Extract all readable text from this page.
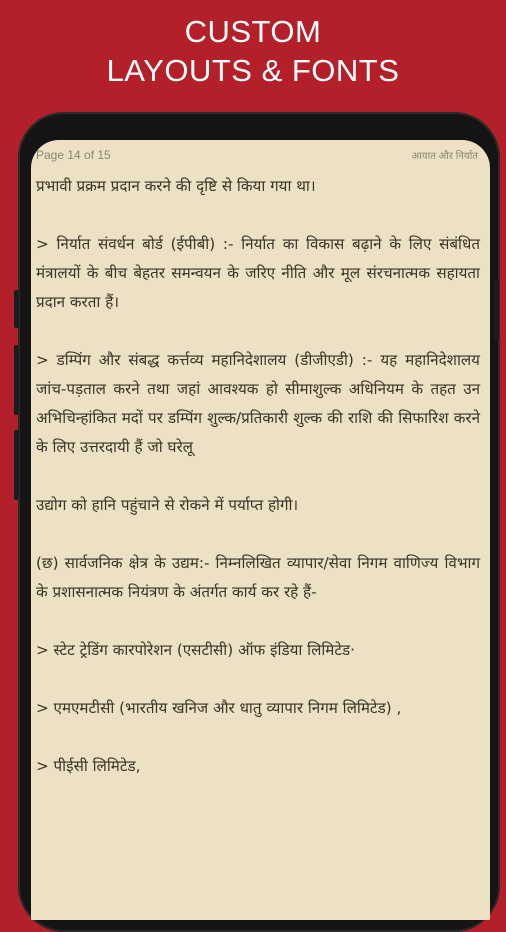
CUSTOM
LAYOUTS & FONTS
Page 14 of 15	आयात और निर्यात

प्रभावी प्रक्रम प्रदान करने की दृष्टि से किया गया था।

> निर्यात संवर्धन बोर्ड (ईपीबी) :- निर्यात का विकास बढ़ाने के लिए संबंधित मंत्रालयों के बीच बेहतर समन्वयन के जरिए नीति और मूल संरचनात्मक सहायता प्रदान करता हैं।

> डम्पिंग और संबद्ध कर्त्तव्य महानिदेशालय (डीजीएडी) :- यह महानिदेशालय जांच-पड़ताल करने तथा जहां आवश्यक हो सीमाशुल्क अधिनियम के तहत उन अभिचिन्हांकित मदों पर डम्पिंग शुल्क/प्रतिकारी शुल्क की राशि की सिफारिश करने के लिए उत्तरदायी हैं जो घरेलू

उद्योग को हानि पहुंचाने से रोकने में पर्याप्त होगी।

(छ) सार्वजनिक क्षेत्र के उद्यम:- निम्नलिखित व्यापार/सेवा निगम वाणिज्य विभाग के प्रशासनात्मक नियंत्रण के अंतर्गत कार्य कर रहे हैं-

> स्टेट ट्रेडिंग कारपोरेशन (एसटीसी) ऑफ इंडिया लिमिटेड·

> एमएमटीसी (भारतीय खनिज और धातु व्यापार निगम लिमिटेड) ,

> पीईसी लिमिटेड,
